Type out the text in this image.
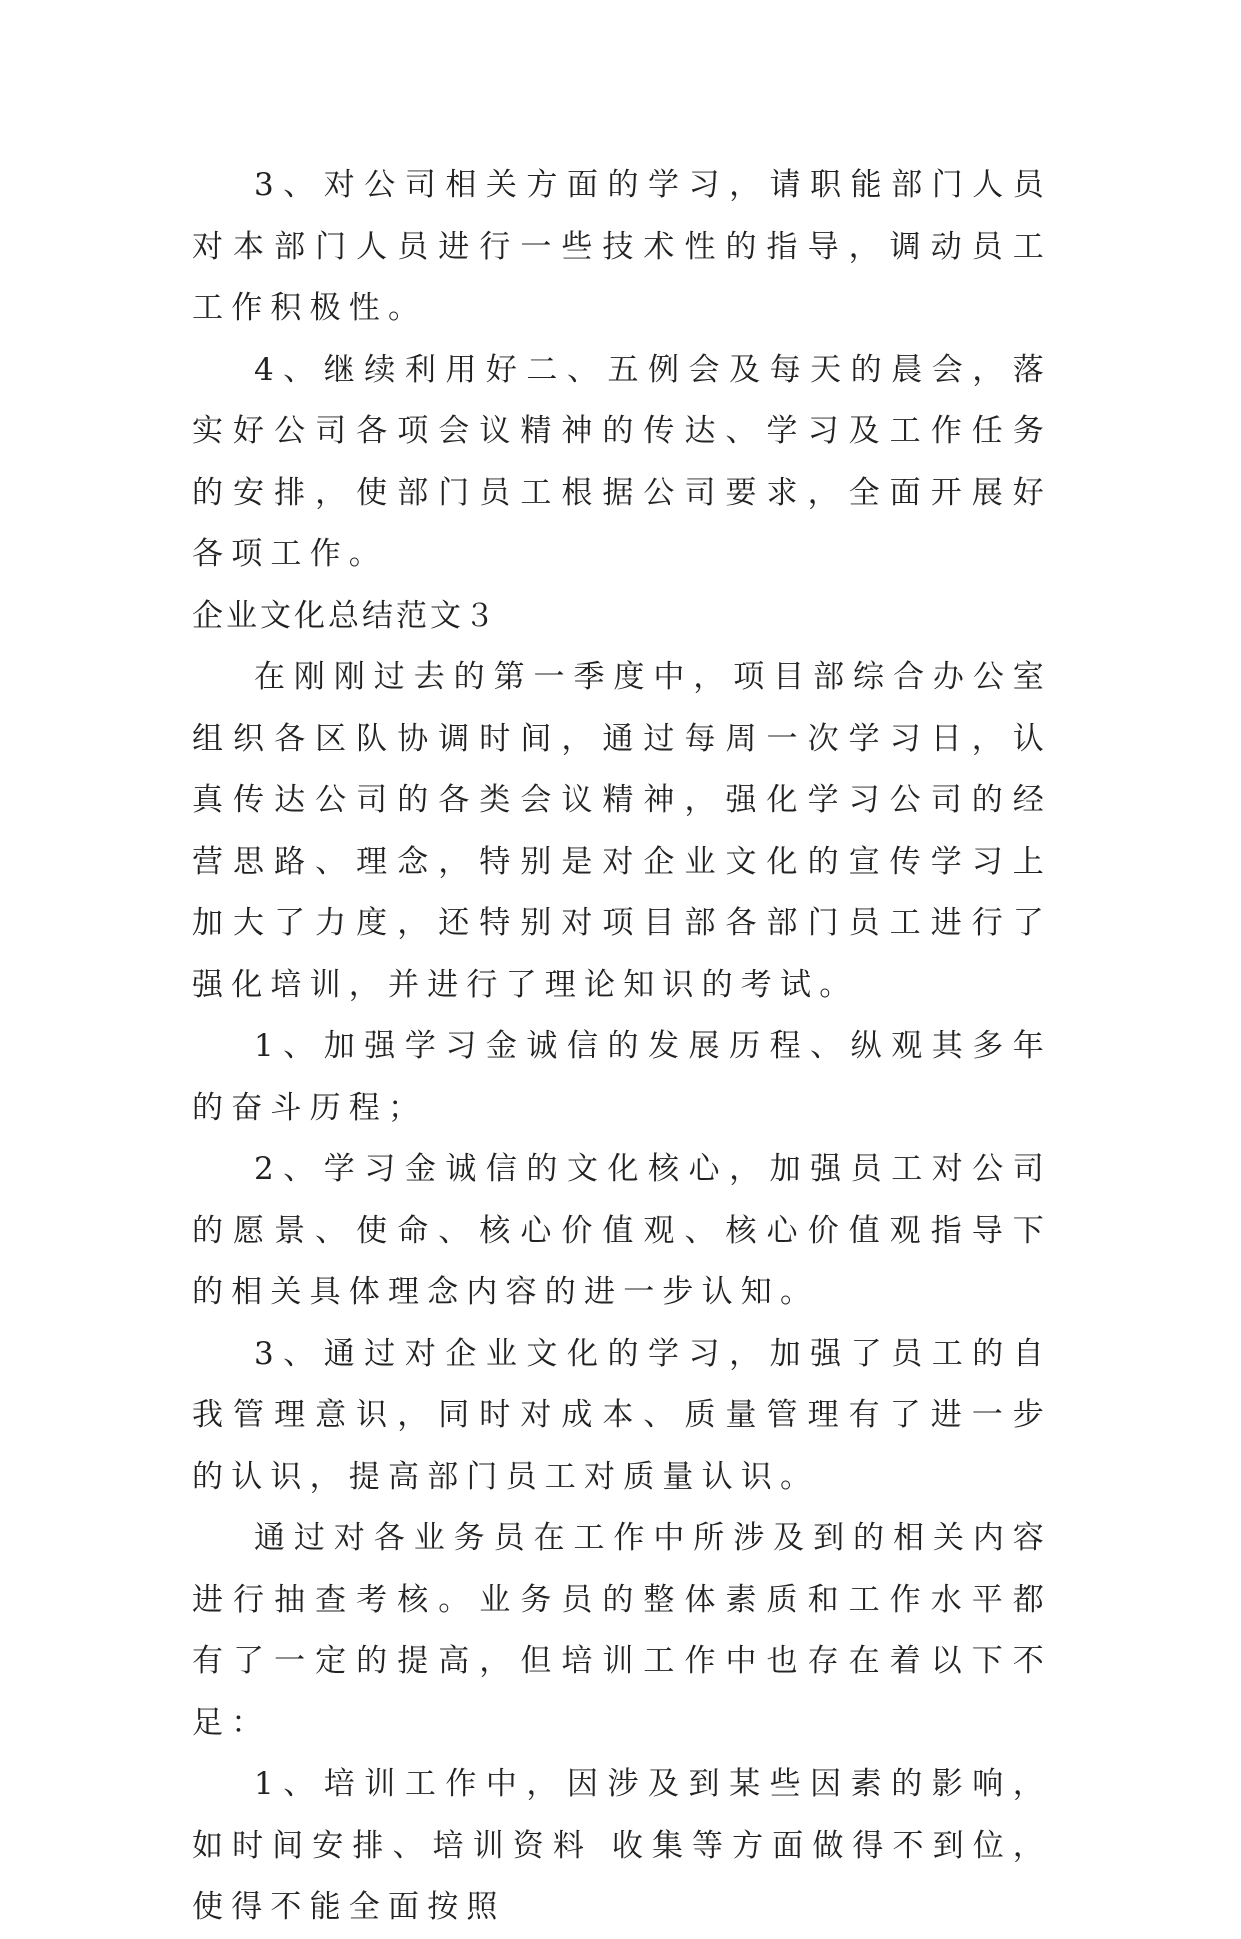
3、对公司相关方面的学习，请职能部门人员对本部门人员进行一些技术性的指导，调动员工工作积极性。

4、继续利用好二、五例会及每天的晨会，落实好公司各项会议精神的传达、学习及工作任务的安排，使部门员工根据公司要求，全面开展好各项工作。

企业文化总结范文３

在刚刚过去的第一季度中，项目部综合办公室组织各区队协调时间，通过每周一次学习日，认真传达公司的各类会议精神，强化学习公司的经营思路、理念，特别是对企业文化的宣传学习上加大了力度，还特别对项目部各部门员工进行了强化培训，并进行了理论知识的考试。

1、加强学习金诚信的发展历程、纵观其多年的奋斗历程；

2、学习金诚信的文化核心，加强员工对公司的愿景、使命、核心价值观、核心价值观指导下的相关具体理念内容的进一步认知。

3、通过对企业文化的学习，加强了员工的自我管理意识，同时对成本、质量管理有了进一步的认识，提高部门员工对质量认识。

通过对各业务员在工作中所涉及到的相关内容进行抽查考核。业务员的整体素质和工作水平都有了一定的提高，但培训工作中也存在着以下不足：

1、培训工作中，因涉及到某些因素的影响，如时间安排、培训资料 收集等方面做得不到位，使得不能全面按照
